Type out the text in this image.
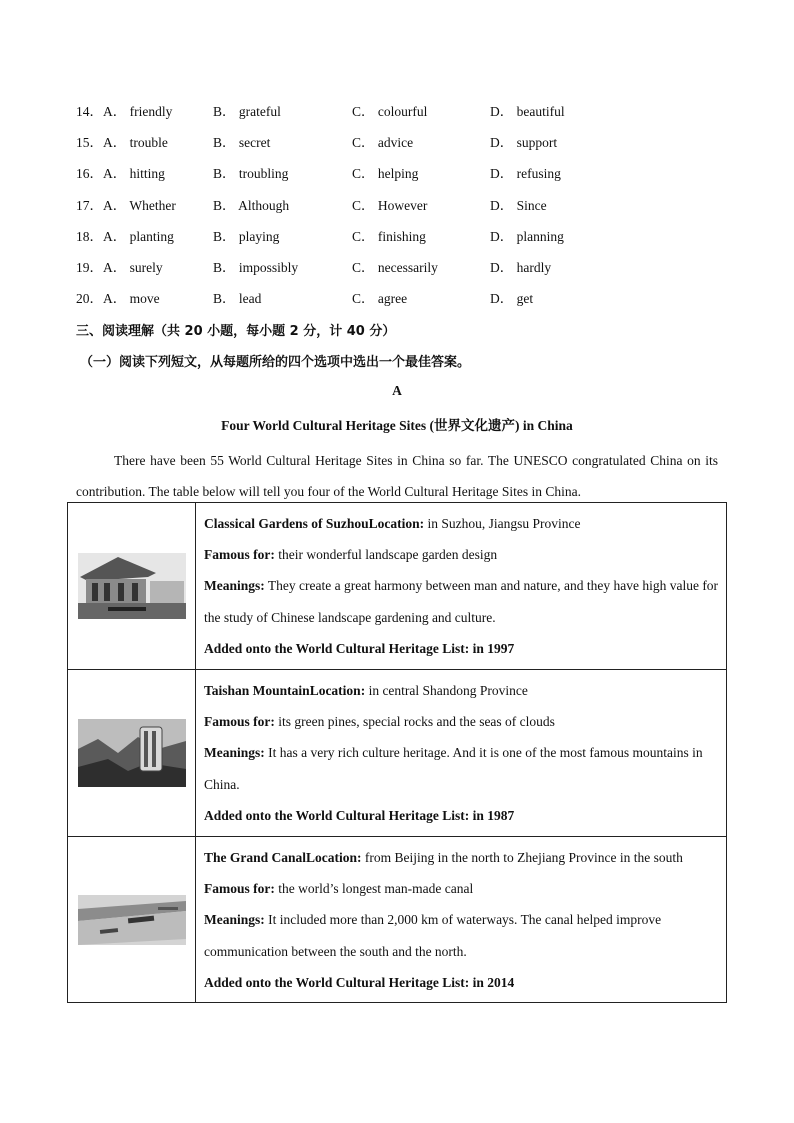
14． A． friendly	B． grateful	C． colourful	D． beautiful
15． A． trouble	B． secret	C． advice	D． support
16． A． hitting	B． troubling	C． helping	D． refusing
17． A． Whether	B． Although	C． However	D． Since
18． A． planting	B． playing	C． finishing	D． planning
19． A． surely	B． impossibly	C． necessarily	D． hardly
20． A． move	B． lead	C． agree	D． get
三、阅读理解（共 20 小题，每小题 2 分，计 40 分）
（一）阅读下列短文，从每题所给的四个选项中选出一个最佳答案。
A
Four World Cultural Heritage Sites (世界文化遗产) in China
There have been 55 World Cultural Heritage Sites in China so far. The UNESCO congratulated China on its contribution. The table below will tell you four of the World Cultural Heritage Sites in China.

Classical Gardens of SuzhouLocation: in Suzhou, Jiangsu Province
Famous for: their wonderful landscape garden design
Meanings: They create a great harmony between man and nature, and they have high value for the study of Chinese landscape gardening and culture.
Added onto the World Cultural Heritage List: in 1997

Taishan MountainLocation: in central Shandong Province
Famous for: its green pines, special rocks and the seas of clouds
Meanings: It has a very rich culture heritage. And it is one of the most famous mountains in China.
Added onto the World Cultural Heritage List: in 1987

The Grand CanalLocation: from Beijing in the north to Zhejiang Province in the south
Famous for: the world’s longest man-made canal
Meanings: It included more than 2,000 km of waterways. The canal helped improve communication between the south and the north.
Added onto the World Cultural Heritage List: in 2014
